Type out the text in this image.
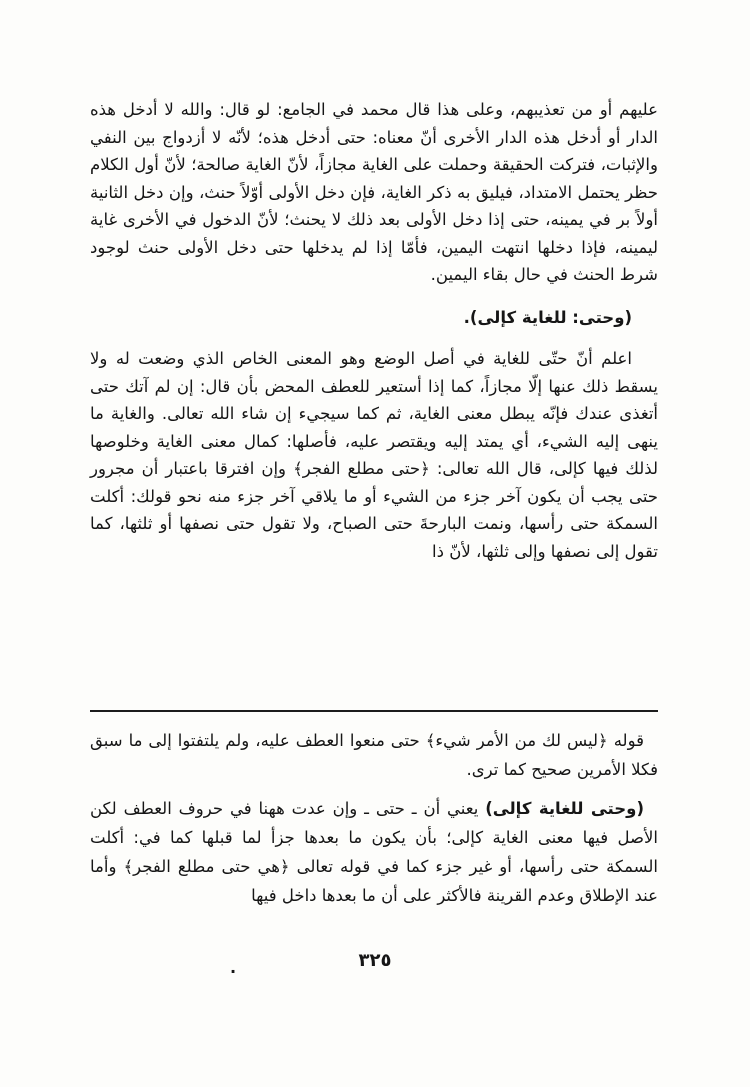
عليهم أو من تعذيبهم، وعلى هذا قال محمد في الجامع: لو قال: والله لا أدخل هذه الدار أو أدخل هذه الدار الأخرى أنّ معناه: حتى أدخل هذه؛ لأنّه لا أزدواج بين النفي والإثبات، فتركت الحقيقة وحملت على الغاية مجازاً، لأنّ الغاية صالحة؛ لأنّ أول الكلام حظر يحتمل الامتداد، فيليق به ذكر الغاية، فإن دخل الأولى أوّلاً حنث، وإن دخل الثانية أولاً بر في يمينه، حتى إذا دخل الأولى بعد ذلك لا يحنث؛ لأنّ الدخول في الأخرى غاية ليمينه، فإذا دخلها انتهت اليمين، فأمّا إذا لم يدخلها حتى دخل الأولى حنث لوجود شرط الحنث في حال بقاء اليمين.

(وحتى: للغاية كإلى).

اعلم أنّ حتّى للغاية في أصل الوضع وهو المعنى الخاص الذي وضعت له ولا يسقط ذلك عنها إلّا مجازاً، كما إذا أستعير للعطف المحض بأن قال: إن لم آتك حتى أتغذى عندك فإنّه يبطل معنى الغاية، ثم كما سيجيء إن شاء الله تعالى. والغاية ما ينهى إليه الشيء، أي يمتد إليه ويقتصر عليه، فأصلها: كمال معنى الغاية وخلوصها لذلك فيها كإلى، قال الله تعالى: ﴿حتى مطلع الفجر﴾ وإن افترقا باعتبار أن مجرور حتى يجب أن يكون آخر جزء من الشيء أو ما يلاقي آخر جزء منه نحو قولك: أكلت السمكة حتى رأسها، ونمت البارحةَ حتى الصباح، ولا تقول حتى نصفها أو ثلثها، كما تقول إلى نصفها وإلى ثلثها، لأنّ ذا

قوله ﴿ليس لك من الأمر شيء﴾ حتى منعوا العطف عليه، ولم يلتفتوا إلى ما سبق فكلا الأمرين صحيح كما ترى.

(وحتى للغاية كإلى) يعني أن ـ حتى ـ وإن عدت ههنا في حروف العطف لكن الأصل فيها معنى الغاية كإلى؛ بأن يكون ما بعدها جزأ لما قبلها كما في: أكلت السمكة حتى رأسها، أو غير جزء كما في قوله تعالى ﴿هي حتى مطلع الفجر﴾ وأما عند الإطلاق وعدم القرينة فالأكثر على أن ما بعدها داخل فيها

٣٢٥
.
